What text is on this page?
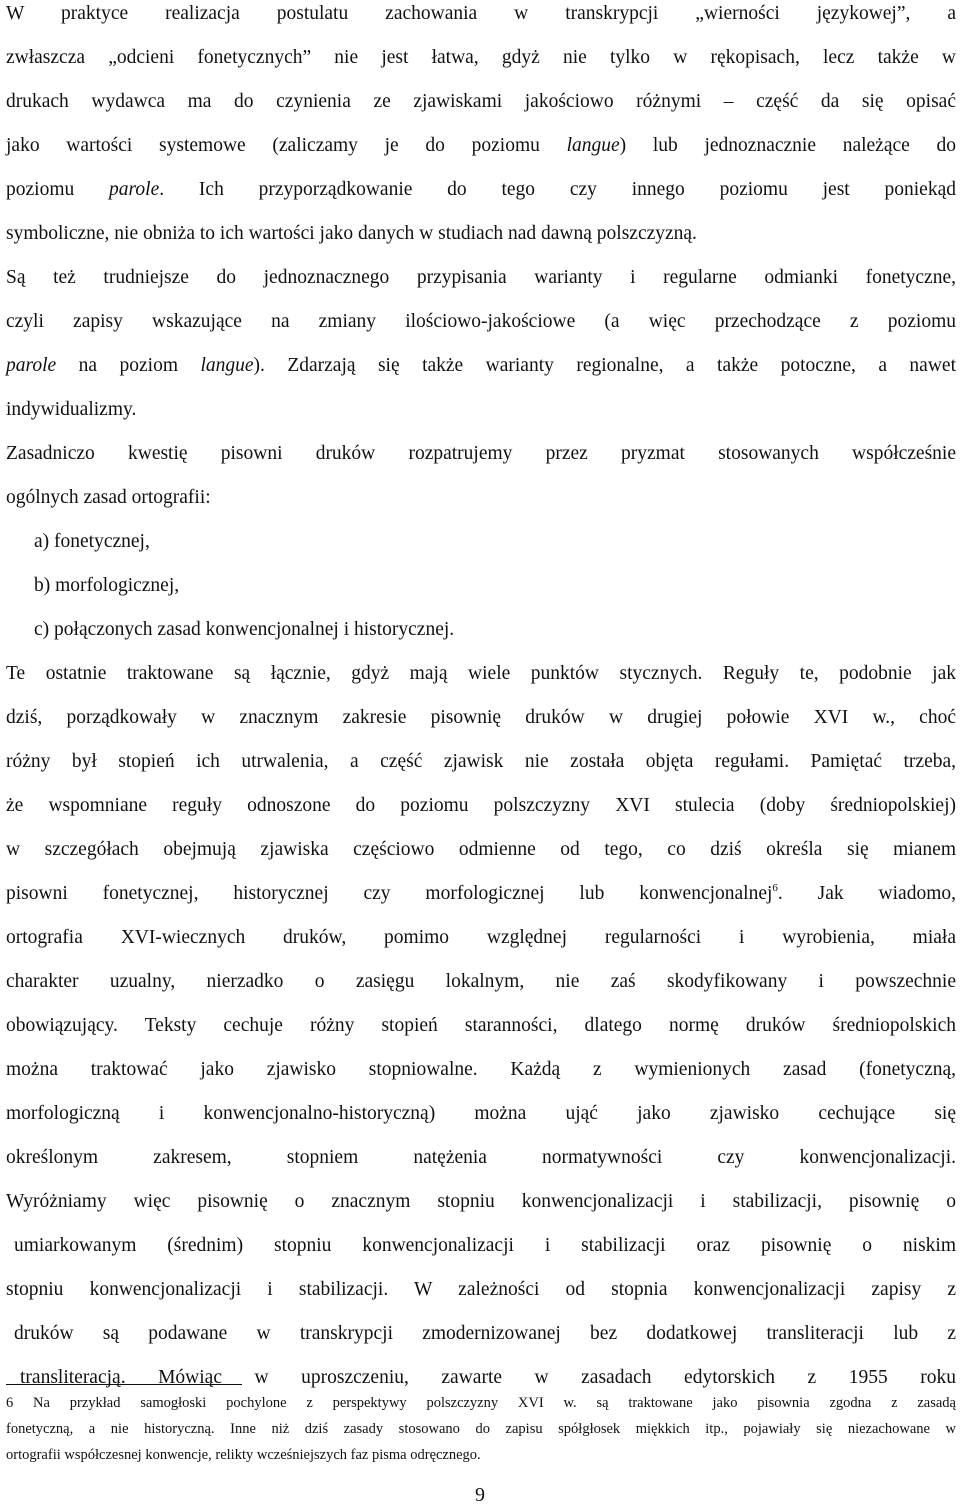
W praktyce realizacja postulatu zachowania w transkrypcji „wierności językowej”, a
zwłaszcza „odcieni fonetycznych” nie jest łatwa, gdyż nie tylko w rękopisach, lecz także w
drukach wydawca ma do czynienia ze zjawiskami jakościowo różnymi – część da się opisać
jako wartości systemowe (zaliczamy je do poziomu langue) lub jednoznacznie należące do
poziomu parole. Ich przyporządkowanie do tego czy innego poziomu jest poniekąd
symboliczne, nie obniża to ich wartości jako danych w studiach nad dawną polszczyzną.
Są też trudniejsze do jednoznacznego przypisania warianty i regularne odmianki fonetyczne,
czyli zapisy wskazujące na zmiany ilościowo-jakościowe (a więc przechodzące z poziomu
parole na poziom langue). Zdarzają się także warianty regionalne, a także potoczne, a nawet
indywidualizmy.
Zasadniczo kwestię pisowni druków rozpatrujemy przez pryzmat stosowanych współcześnie
ogólnych zasad ortografii:
a) fonetycznej,
b) morfologicznej,
c) połączonych zasad konwencjonalnej i historycznej.
Te ostatnie traktowane są łącznie, gdyż mają wiele punktów stycznych. Reguły te, podobnie jak
dziś, porządkowały w znacznym zakresie pisownię druków w drugiej połowie XVI w., choć
różny był stopień ich utrwalenia, a część zjawisk nie została objęta regułami. Pamiętać trzeba,
że wspomniane reguły odnoszone do poziomu polszczyzny XVI stulecia (doby średniopolskiej)
w szczegółach obejmują zjawiska częściowo odmienne od tego, co dziś określa się mianem
pisowni fonetycznej, historycznej czy morfologicznej lub konwencjonalnej$^6$. Jak wiadomo,
ortografia XVI-wiecznych druków, pomimo względnej regularności i wyrobienia, miała
charakter uzualny, nierzadko o zasięgu lokalnym, nie zaś skodyfikowany i powszechnie
obowiązujący. Teksty cechuje różny stopień staranności, dlatego normę druków średniopolskich
można traktować jako zjawisko stopniowalne. Każdą z wymienionych zasad (fonetyczną,
morfologiczną i konwencjonalno-historyczną) można ująć jako zjawisko cechujące się
określonym zakresem, stopniem natężenia normatywności czy konwencjonalizacji.
Wyróżniamy więc pisownię o znacznym stopniu konwencjonalizacji i stabilizacji, pisownię o
umiarkowanym (średnim) stopniu konwencjonalizacji i stabilizacji oraz pisownię o niskim
stopniu konwencjonalizacji i stabilizacji. W zależności od stopnia konwencjonalizacji zapisy z
druków są podawane w transkrypcji zmodernizowanej bez dodatkowej transliteracji lub z
transliteracją. Mówiąc w uproszczeniu, zawarte w zasadach edytorskich z 1955 roku
6 Na przykład samogłoski pochylone z perspektywy polszczyzny XVI w. są traktowane jako pisownia zgodna z zasadą
fonetyczną, a nie historyczną. Inne niż dziś zasady stosowano do zapisu spółgłosek miękkich itp., pojawiały się niezachowane w
ortografii współczesnej konwencje, relikty wcześniejszych faz pisma odręcznego.
9
